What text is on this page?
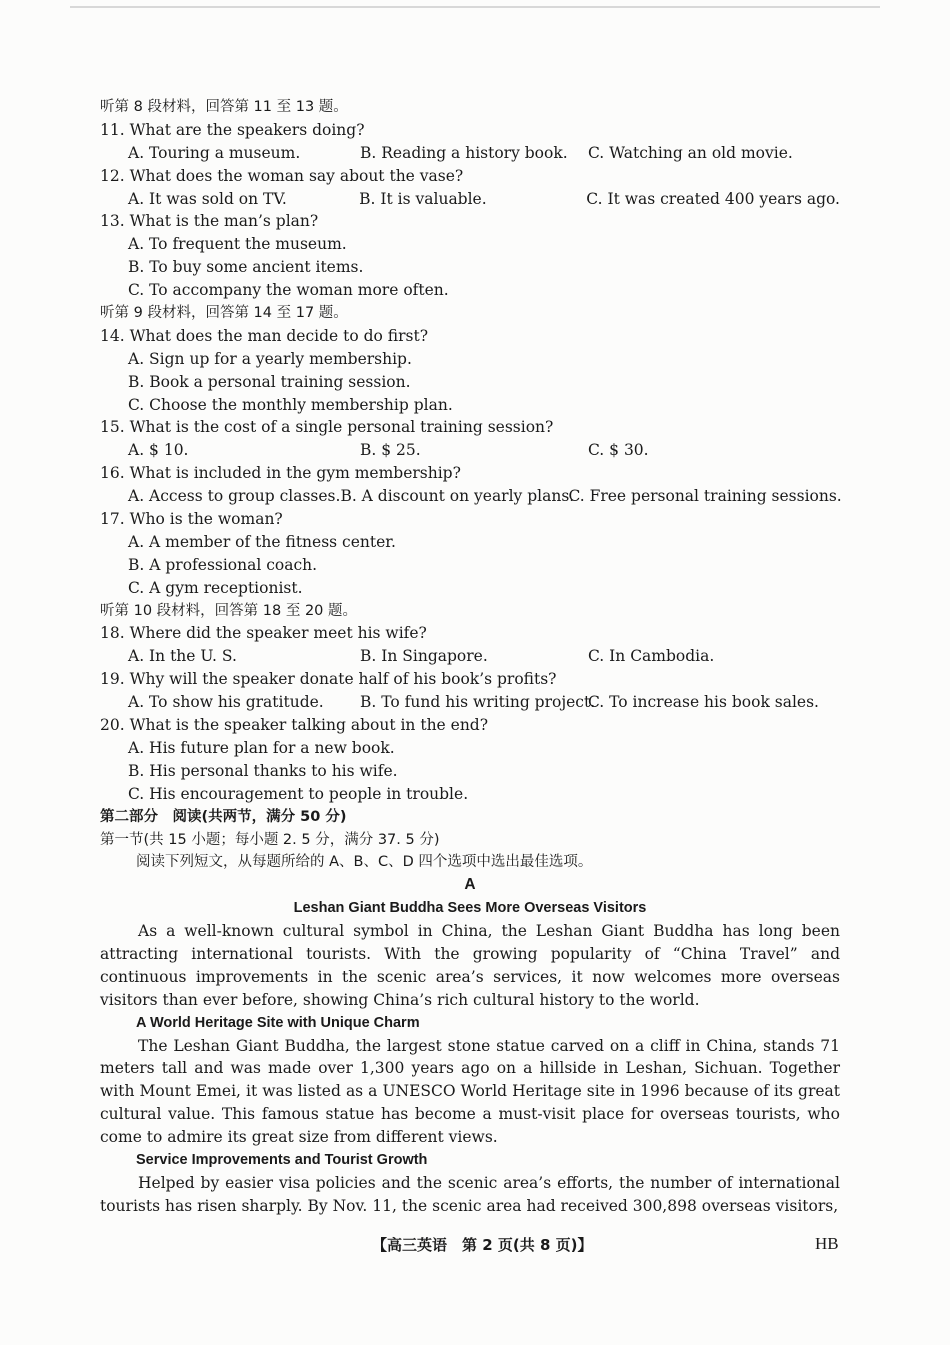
听第 8 段材料，回答第 11 至 13 题。
11. What are the speakers doing?
A. Touring a museum.	B. Reading a history book.	C. Watching an old movie.
12. What does the woman say about the vase?
A. It was sold on TV.	B. It is valuable.	C. It was created 400 years ago.
13. What is the man’s plan?
A. To frequent the museum.
B. To buy some ancient items.
C. To accompany the woman more often.
听第 9 段材料，回答第 14 至 17 题。
14. What does the man decide to do first?
A. Sign up for a yearly membership.
B. Book a personal training session.
C. Choose the monthly membership plan.
15. What is the cost of a single personal training session?
A. $ 10.	B. $ 25.	C. $ 30.
16. What is included in the gym membership?
A. Access to group classes. B. A discount on yearly plans.
C. Free personal training sessions.
17. Who is the woman?
A. A member of the fitness center.
B. A professional coach.
C. A gym receptionist.
听第 10 段材料，回答第 18 至 20 题。
18. Where did the speaker meet his wife?
A. In the U. S.	B. In Singapore.	C. In Cambodia.
19. Why will the speaker donate half of his book’s profits?
A. To show his gratitude.	B. To fund his writing project.
C. To increase his book sales.
20. What is the speaker talking about in the end?
A. His future plan for a new book.
B. His personal thanks to his wife.
C. His encouragement to people in trouble.
第二部分　阅读(共两节，满分 50 分)
第一节(共 15 小题；每小题 2. 5 分，满分 37. 5 分)
阅读下列短文，从每题所给的 A、B、C、D 四个选项中选出最佳选项。
A
Leshan Giant Buddha Sees More Overseas Visitors
As a well-known cultural symbol in China, the Leshan Giant Buddha has long been attracting international tourists. With the growing popularity of “China Travel” and continuous improvements in the scenic area’s services, it now welcomes more overseas visitors than ever before, showing China’s rich cultural history to the world.
A World Heritage Site with Unique Charm
The Leshan Giant Buddha, the largest stone statue carved on a cliff in China, stands 71 meters tall and was made over 1,300 years ago on a hillside in Leshan, Sichuan. Together with Mount Emei, it was listed as a UNESCO World Heritage site in 1996 because of its great cultural value. This famous statue has become a must-visit place for overseas tourists, who come to admire its great size from different views.
Service Improvements and Tourist Growth
Helped by easier visa policies and the scenic area’s efforts, the number of international tourists has risen sharply. By Nov. 11, the scenic area had received 300,898 overseas visitors,
【高三英语　第 2 页(共 8 页)】	HB
